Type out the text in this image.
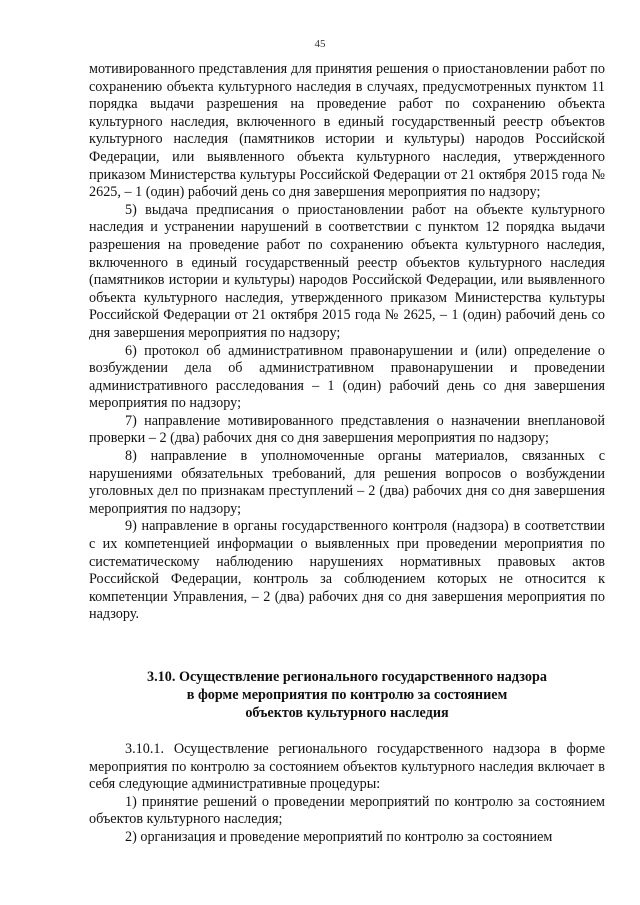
45

мотивированного представления для принятия решения о приостановлении работ по сохранению объекта культурного наследия в случаях, предусмотренных пунктом 11 порядка выдачи разрешения на проведение работ по сохранению объекта культурного наследия, включенного в единый государственный реестр объектов культурного наследия (памятников истории и культуры) народов Российской Федерации, или выявленного объекта культурного наследия, утвержденного приказом Министерства культуры Российской Федерации от 21 октября 2015 года № 2625, – 1 (один) рабочий день со дня завершения мероприятия по надзору;

5) выдача предписания о приостановлении работ на объекте культурного наследия и устранении нарушений в соответствии с пунктом 12 порядка выдачи разрешения на проведение работ по сохранению объекта культурного наследия, включенного в единый государственный реестр объектов культурного наследия (памятников истории и культуры) народов Российской Федерации, или выявленного объекта культурного наследия, утвержденного приказом Министерства культуры Российской Федерации от 21 октября 2015 года № 2625, – 1 (один) рабочий день со дня завершения мероприятия по надзору;

6) протокол об административном правонарушении и (или) определение о возбуждении дела об административном правонарушении и проведении административного расследования – 1 (один) рабочий день со дня завершения мероприятия по надзору;

7) направление мотивированного представления о назначении внеплановой проверки – 2 (два) рабочих дня со дня завершения мероприятия по надзору;

8) направление в уполномоченные органы материалов, связанных с нарушениями обязательных требований, для решения вопросов о возбуждении уголовных дел по признакам преступлений – 2 (два) рабочих дня со дня завершения мероприятия по надзору;

9) направление в органы государственного контроля (надзора) в соответствии с их компетенцией информации о выявленных при проведении мероприятия по систематическому наблюдению нарушениях нормативных правовых актов Российской Федерации, контроль за соблюдением которых не относится к компетенции Управления, – 2 (два) рабочих дня со дня завершения мероприятия по надзору.

3.10. Осуществление регионального государственного надзора
в форме мероприятия по контролю за состоянием
объектов культурного наследия

3.10.1. Осуществление регионального государственного надзора в форме мероприятия по контролю за состоянием объектов культурного наследия включает в себя следующие административные процедуры:

1) принятие решений о проведении мероприятий по контролю за состоянием объектов культурного наследия;

2) организация и проведение мероприятий по контролю за состоянием
